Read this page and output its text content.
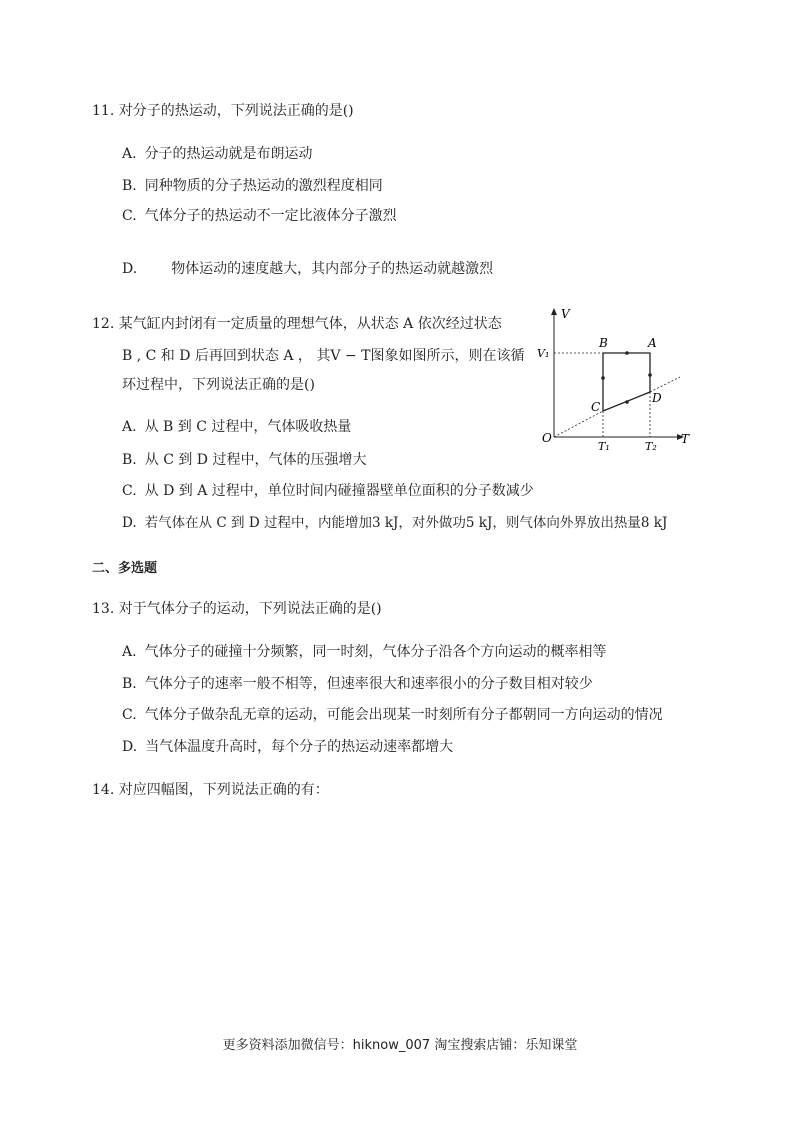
11. 对分子的热运动，下列说法正确的是()
A. 分子的热运动就是布朗运动
B. 同种物质的分子热运动的激烈程度相同
C. 气体分子的热运动不一定比液体分子激烈
D. 物体运动的速度越大，其内部分子的热运动就越激烈
12. 某气缸内封闭有一定质量的理想气体，从状态 A 依次经过状态
B , C 和 D 后再回到状态 A ， 其V − T图象如图所示，则在该循
环过程中，下列说法正确的是()
A. 从 B 到 C 过程中，气体吸收热量
B. 从 C 到 D 过程中，气体的压强增大
C. 从 D 到 A 过程中，单位时间内碰撞器壁单位面积的分子数减少
D. 若气体在从 C 到 D 过程中，内能增加3 kJ，对外做功5 kJ，则气体向外界放出热量8 kJ
V
T
O
V₁
T₁	T₂
B	A
C
D
二、多选题
13. 对于气体分子的运动，下列说法正确的是()
A. 气体分子的碰撞十分频繁，同一时刻，气体分子沿各个方向运动的概率相等
B. 气体分子的速率一般不相等，但速率很大和速率很小的分子数目相对较少
C. 气体分子做杂乱无章的运动，可能会出现某一时刻所有分子都朝同一方向运动的情况
D. 当气体温度升高时，每个分子的热运动速率都增大
14. 对应四幅图，下列说法正确的有：
更多资料添加微信号：hiknow_007 淘宝搜索店铺：乐知课堂
